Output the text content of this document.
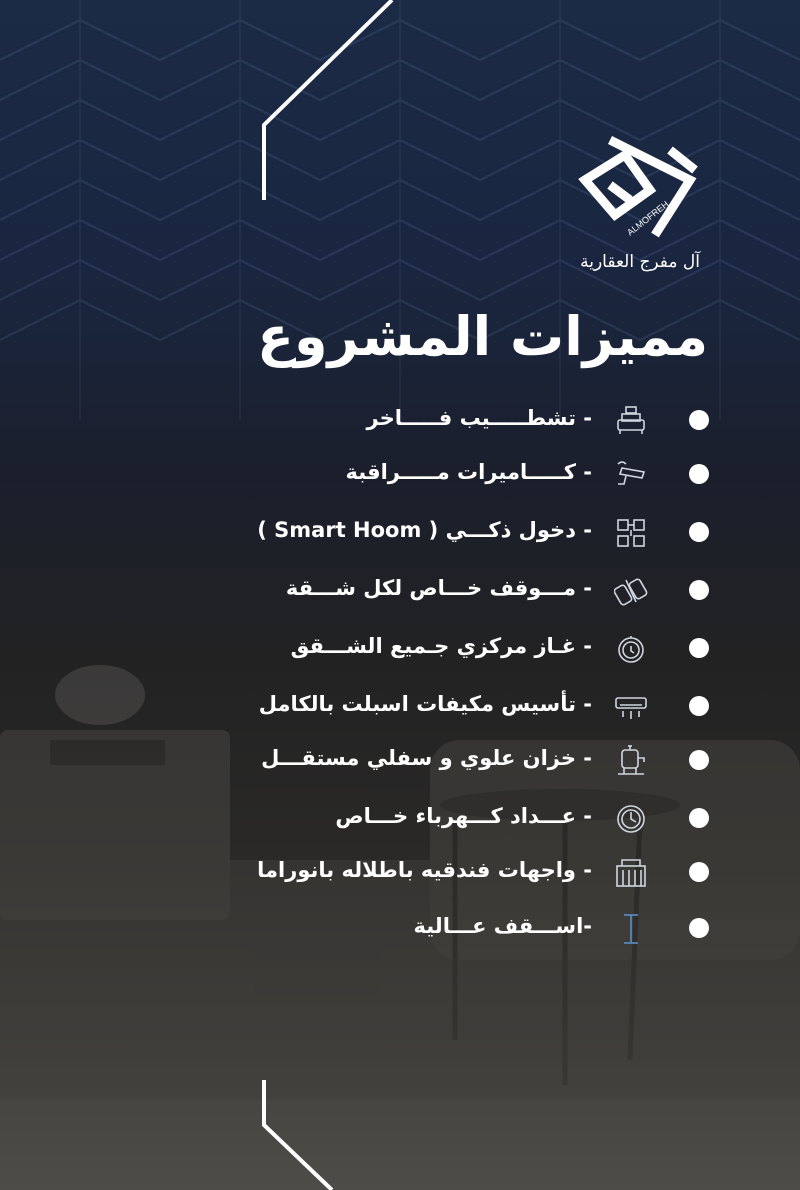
ALMOFREH
آل مفرج العقارية
مميزات المشروع
- تشطـــــيب فـــــاخر
- كـــــاميرات مـــــراقبة
- دخول ذكـــي ( Smart Hoom )
- مـــوقف خـــاص لكل شـــقة
- غـاز مركزي جـميع الشـــقق
- تأسيس مكيفات اسبلت بالكامل
- خزان علوي و سفلي مستقـــل
- عـــداد كـــهرباء خـــاص
- واجهات فندقيه باطلاله بانوراما
-اســـقف عـــالية
